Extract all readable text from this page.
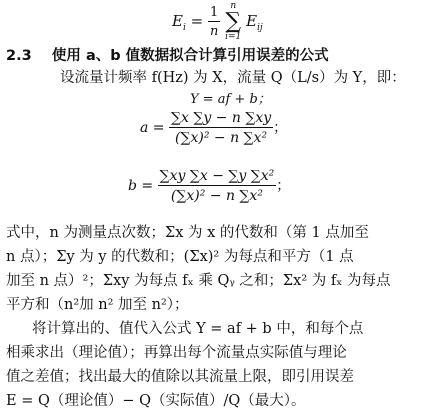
$E_i = \frac{1}{n}$
	n
∑
i=1
$E_{ij}$
2.3 使用 a、b 值数据拟合计算引用误差的公式
设流量计频率 f(Hz) 为 X，流量 Q（L/s）为 Y，即：
Y = af + b；
$a = \frac{\sum x \sum y - n \sum xy}{\text{(∑x)² − n ∑x²}}$ ；
$b = \frac{\text{∑xy ∑x − ∑y ∑x²}}{\text{(∑x)² − n ∑x²}}$ ；
式中，n 为测量点次数；Σx 为 x 的代数和（第 1 点加至
n 点）；Σy 为 y 的代数和；(Σx)² 为每点和平方（1 点
加至 n 点）²；Σxy 为每点 fₓ 乘 Qᵧ 之和；Σx² 为 fₓ 为每点
平方和（n²加 n² 加至 n²）；
将计算出的、值代入公式 Y = af + b 中，和每个点
相乘求出（理论值）；再算出每个流量点实际值与理论
值之差值；找出最大的值除以其流量上限，即引用误差
E = Q（理论值）− Q（实际值）/Q（最大）。
